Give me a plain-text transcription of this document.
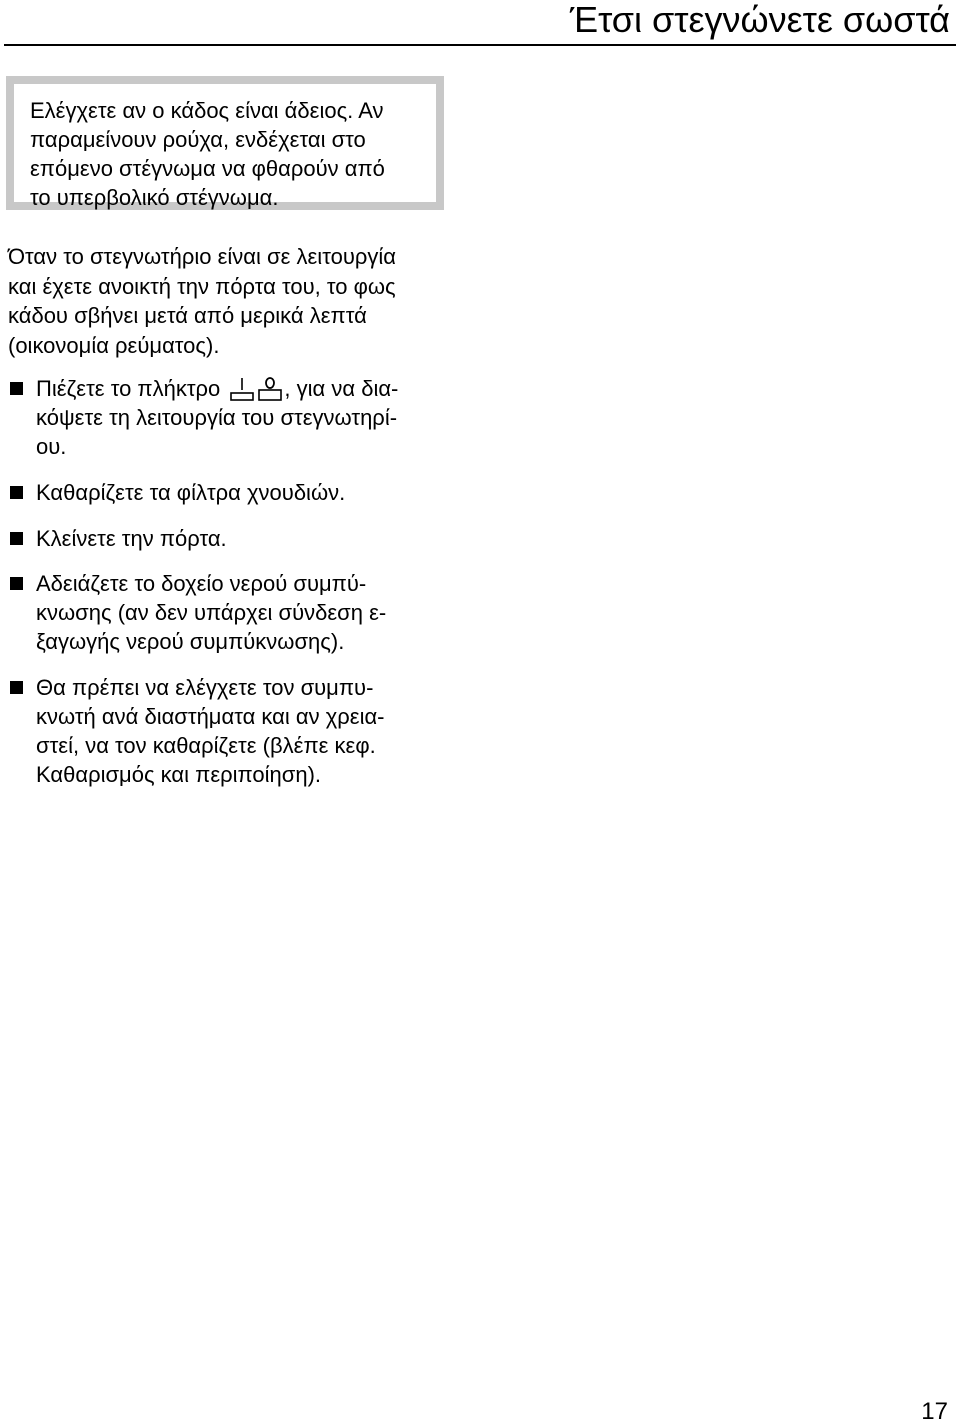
Έτσι στεγνώνετε σωστά

Ελέγχετε αν ο κάδος είναι άδειος. Αν

παραμείνουν ρούχα, ενδέχεται στο

επόμενο στέγνωμα να φθαρούν από

το υπερβολικό στέγνωμα.

Όταν το στεγνωτήριο είναι σε λειτουργία
και έχετε ανοικτή την πόρτα του, το φως
κάδου σβήνει μετά από μερικά λεπτά
(οικονομία ρεύματος).
Πιέζετε το πλήκτρο	, για να δια-
κόψετε τη λειτουργία του στεγνωτηρί-
ου.
Καθαρίζετε τα φίλτρα χνουδιών.
Κλείνετε την πόρτα.
Αδειάζετε το δοχείο νερού συμπύ-
κνωσης (αν δεν υπάρχει σύνδεση ε-
ξαγωγής νερού συμπύκνωσης).
Θα πρέπει να ελέγχετε τον συμπυ-
κνωτή ανά διαστήματα και αν χρεια-
στεί, να τον καθαρίζετε (βλέπε κεφ.
Καθαρισμός και περιποίηση).
17
